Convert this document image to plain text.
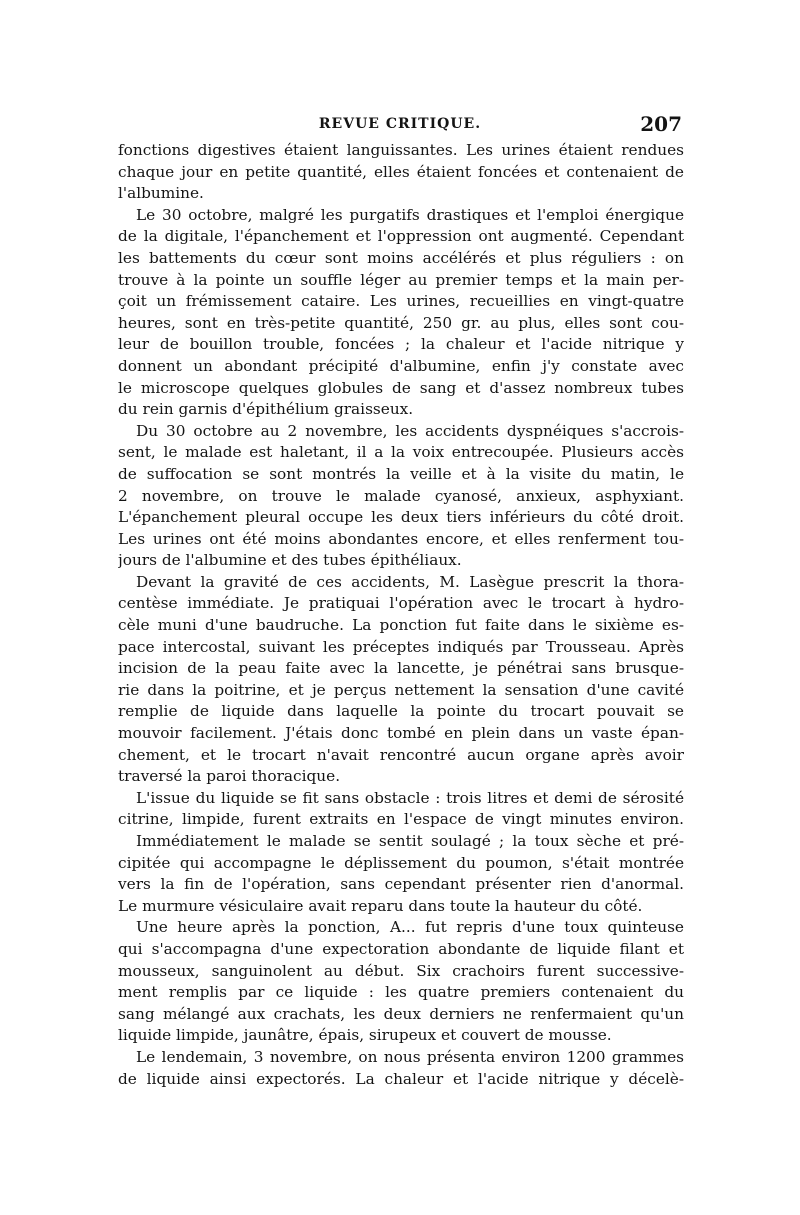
REVUE CRITIQUE.	207
fonctions digestives étaient languissantes. Les urines étaient rendues
chaque jour en petite quantité, elles étaient foncées et contenaient de
l'albumine.
Le 30 octobre, malgré les purgatifs drastiques et l'emploi énergique
de la digitale, l'épanchement et l'oppression ont augmenté. Cependant
les battements du cœur sont moins accélérés et plus réguliers : on
trouve à la pointe un souffle léger au premier temps et la main per-
çoit un frémissement cataire. Les urines, recueillies en vingt-quatre
heures, sont en très-petite quantité, 250 gr. au plus, elles sont cou-
leur de bouillon trouble, foncées ; la chaleur et l'acide nitrique y
donnent un abondant précipité d'albumine, enfin j'y constate avec
le microscope quelques globules de sang et d'assez nombreux tubes
du rein garnis d'épithélium graisseux.
Du 30 octobre au 2 novembre, les accidents dyspnéiques s'accrois-
sent, le malade est haletant, il a la voix entrecoupée. Plusieurs accès
de suffocation se sont montrés la veille et à la visite du matin, le
2 novembre, on trouve le malade cyanosé, anxieux, asphyxiant.
L'épanchement pleural occupe les deux tiers inférieurs du côté droit.
Les urines ont été moins abondantes encore, et elles renferment tou-
jours de l'albumine et des tubes épithéliaux.
Devant la gravité de ces accidents, M. Lasègue prescrit la thora-
centèse immédiate. Je pratiquai l'opération avec le trocart à hydro-
cèle muni d'une baudruche. La ponction fut faite dans le sixième es-
pace intercostal, suivant les préceptes indiqués par Trousseau. Après
incision de la peau faite avec la lancette, je pénétrai sans brusque-
rie dans la poitrine, et je perçus nettement la sensation d'une cavité
remplie de liquide dans laquelle la pointe du trocart pouvait se
mouvoir facilement. J'étais donc tombé en plein dans un vaste épan-
chement, et le trocart n'avait rencontré aucun organe après avoir
traversé la paroi thoracique.
L'issue du liquide se fit sans obstacle : trois litres et demi de sérosité
citrine, limpide, furent extraits en l'espace de vingt minutes environ.
Immédiatement le malade se sentit soulagé ; la toux sèche et pré-
cipitée qui accompagne le déplissement du poumon, s'était montrée
vers la fin de l'opération, sans cependant présenter rien d'anormal.
Le murmure vésiculaire avait reparu dans toute la hauteur du côté.
Une heure après la ponction, A... fut repris d'une toux quinteuse
qui s'accompagna d'une expectoration abondante de liquide filant et
mousseux, sanguinolent au début. Six crachoirs furent successive-
ment remplis par ce liquide : les quatre premiers contenaient du
sang mélangé aux crachats, les deux derniers ne renfermaient qu'un
liquide limpide, jaunâtre, épais, sirupeux et couvert de mousse.
Le lendemain, 3 novembre, on nous présenta environ 1200 grammes
de liquide ainsi expectorés. La chaleur et l'acide nitrique y décelè-
